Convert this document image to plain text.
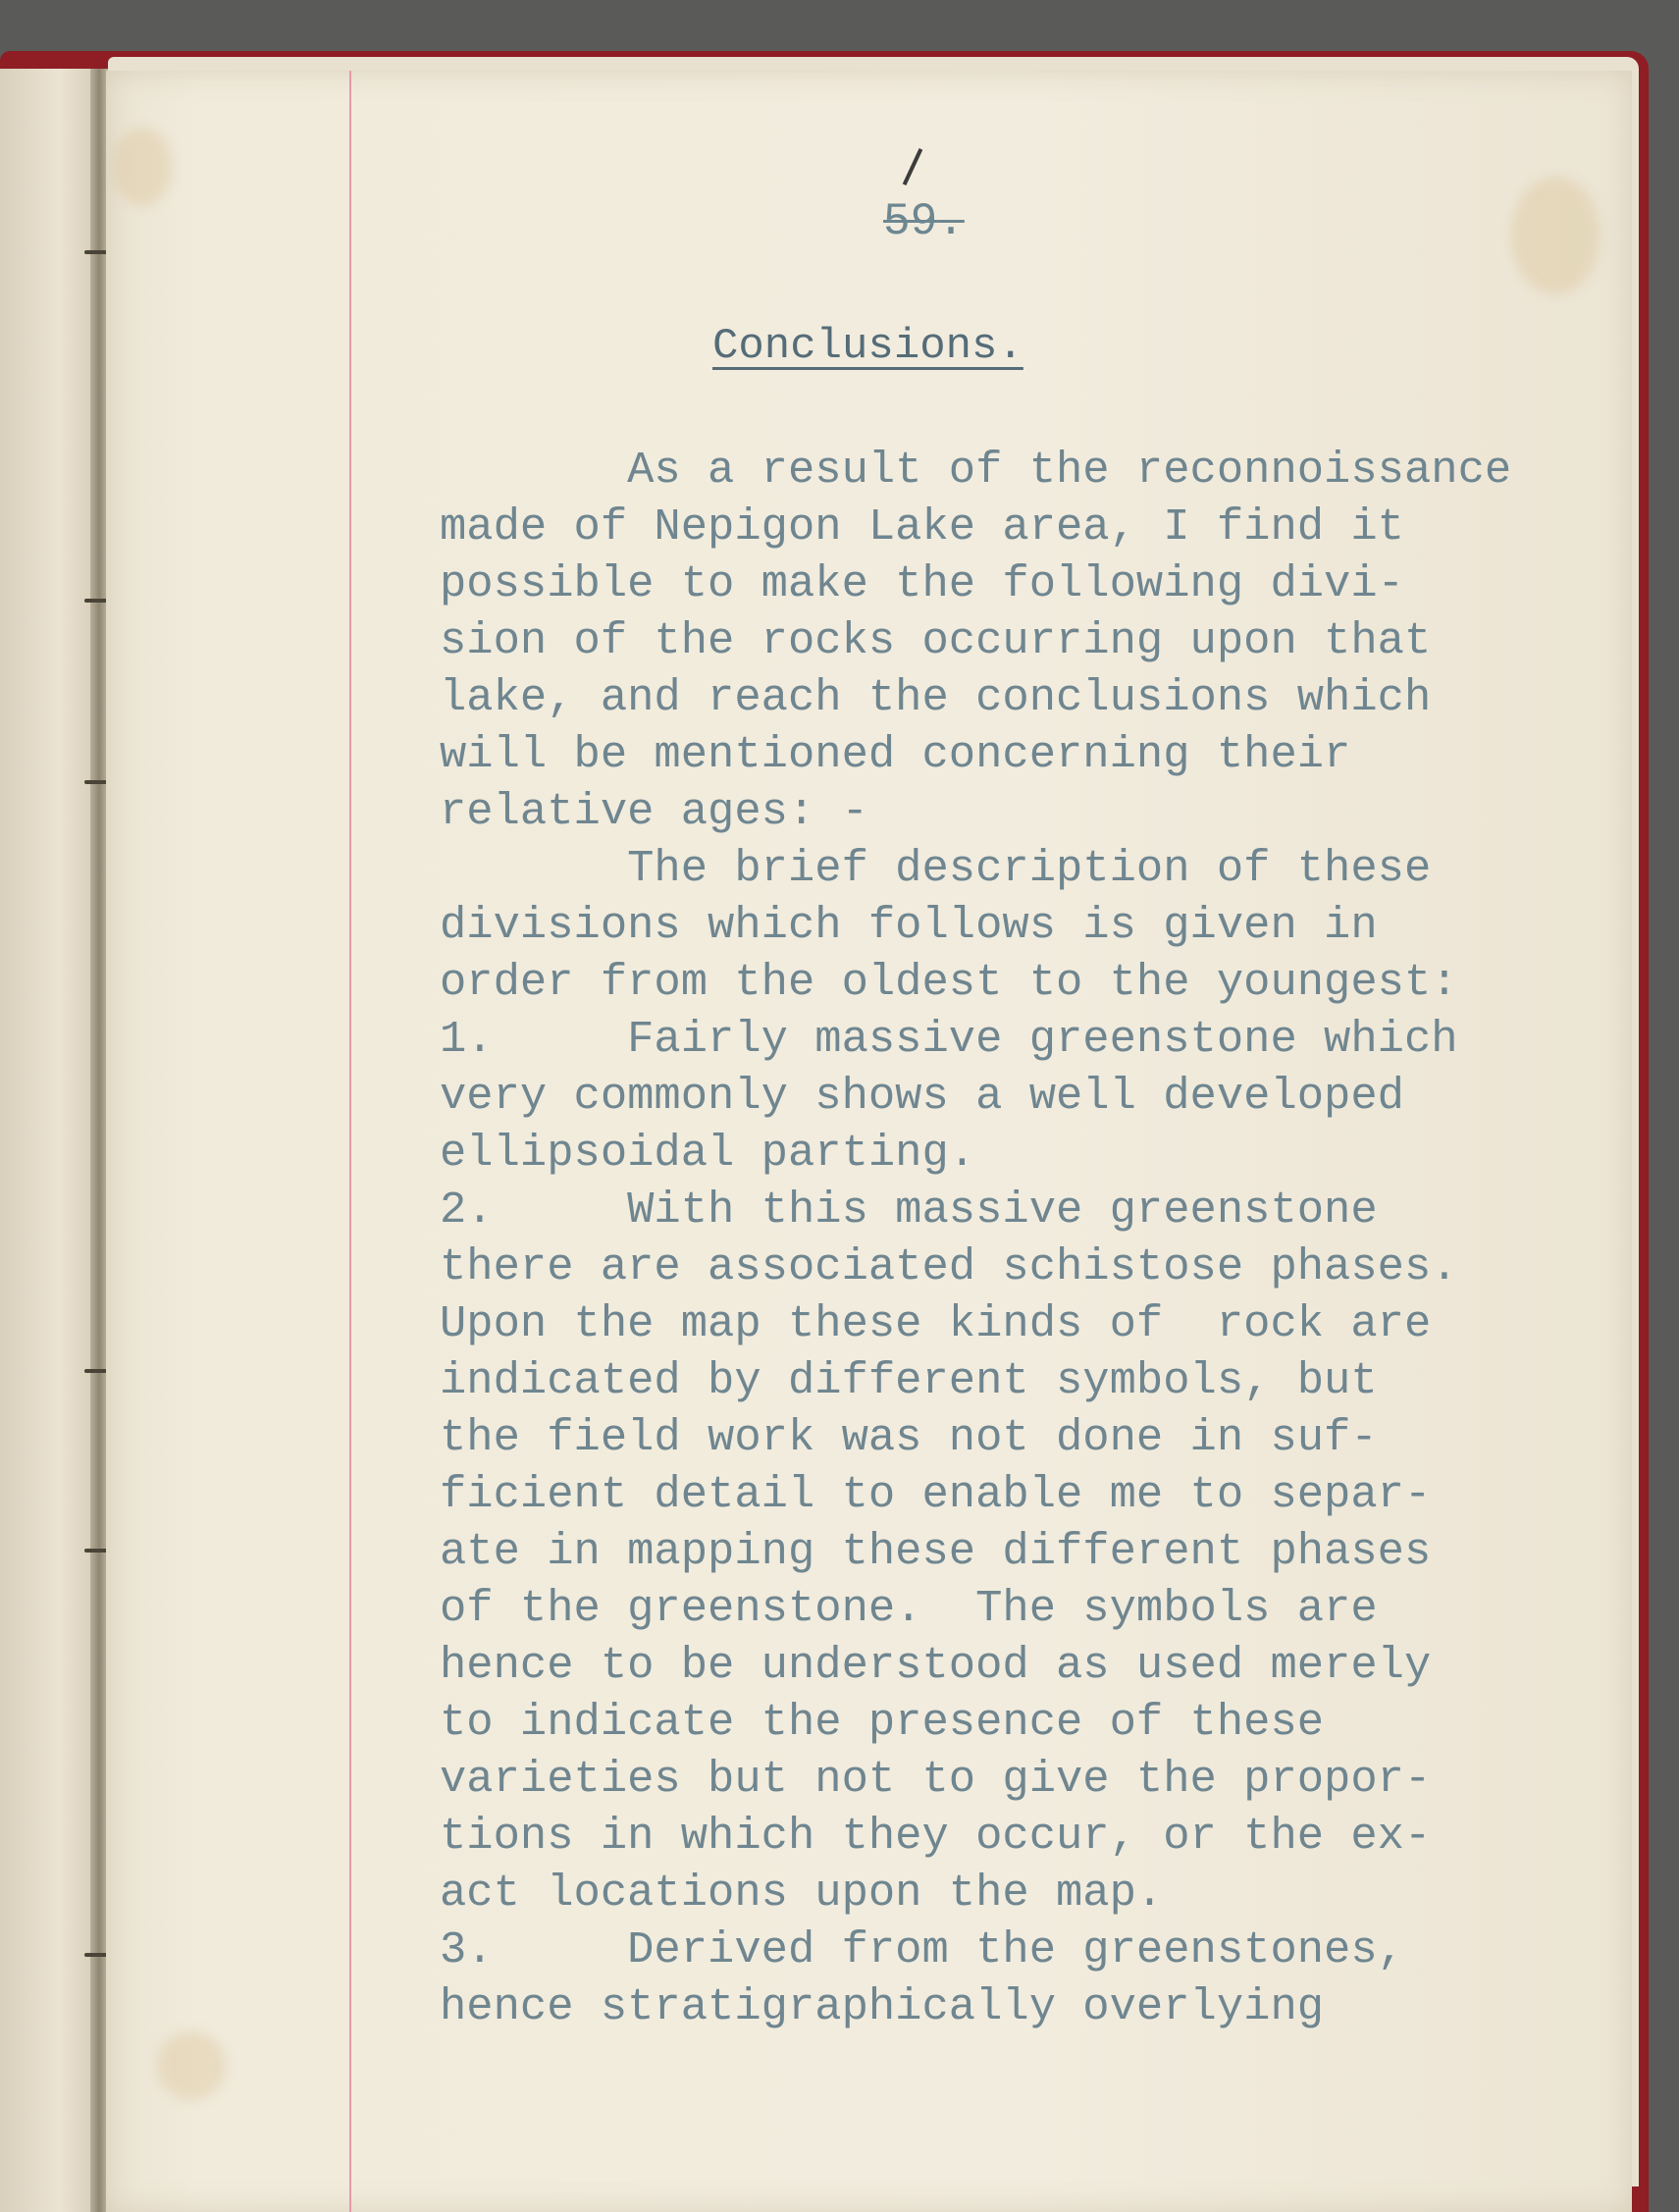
59.
Conclusions.
As a result of the reconnoissance
made of Nepigon Lake area, I find it
possible to make the following divi-
sion of the rocks occurring upon that
lake, and reach the conclusions which
will be mentioned concerning their
relative ages: -
The brief description of these
divisions which follows is given in
order from the oldest to the youngest:
1.     Fairly massive greenstone which
very commonly shows a well developed
ellipsoidal parting.
2.     With this massive greenstone
there are associated schistose phases.
Upon the map these kinds of  rock are
indicated by different symbols, but
the field work was not done in suf-
ficient detail to enable me to separ-
ate in mapping these different phases
of the greenstone.  The symbols are
hence to be understood as used merely
to indicate the presence of these
varieties but not to give the propor-
tions in which they occur, or the ex-
act locations upon the map.
3.     Derived from the greenstones,
hence stratigraphically overlying
